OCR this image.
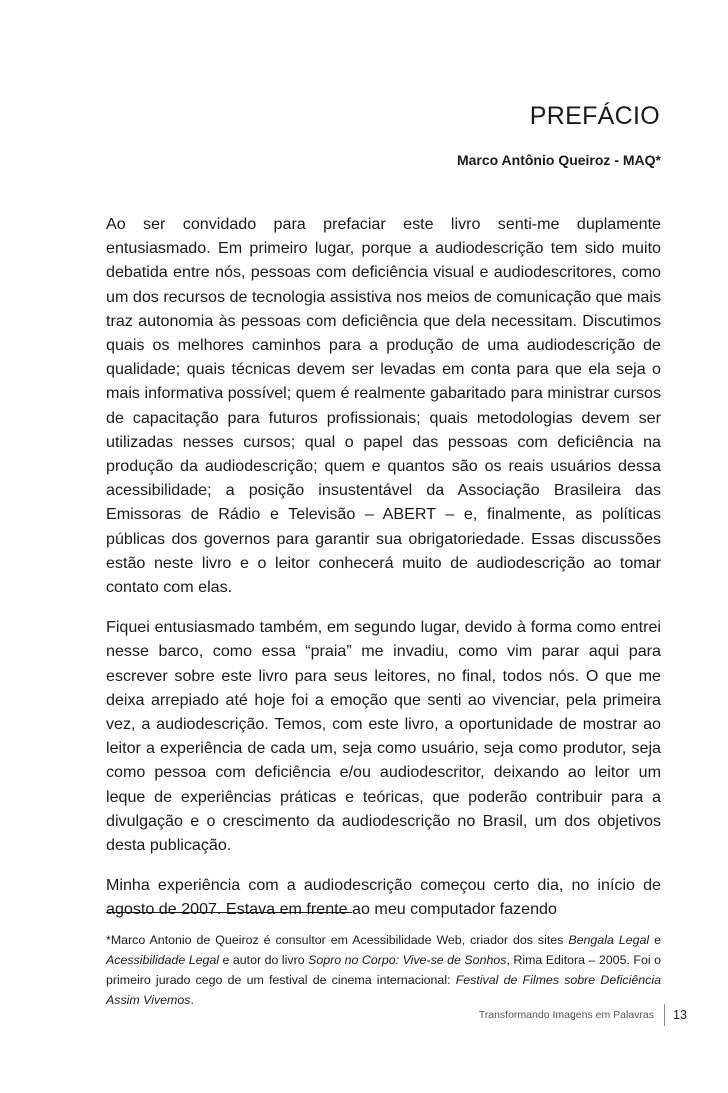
PREFÁCIO
Marco Antônio Queiroz - MAQ*

Ao ser convidado para prefaciar este livro senti-me duplamente entusiasmado. Em primeiro lugar, porque a audiodescrição tem sido muito debatida entre nós, pessoas com deficiência visual e audiodescritores, como um dos recursos de tecnologia assistiva nos meios de comunicação que mais traz autonomia às pessoas com deficiência que dela necessitam. Discutimos quais os melhores caminhos para a produção de uma audiodescrição de qualidade; quais técnicas devem ser levadas em conta para que ela seja o mais informativa possível; quem é realmente gabaritado para ministrar cursos de capacitação para futuros profissionais; quais metodologias devem ser utilizadas nesses cursos; qual o papel das pessoas com deficiência na produção da audiodescrição; quem e quantos são os reais usuários dessa acessibilidade; a posição insustentável da Associação Brasileira das Emissoras de Rádio e Televisão – ABERT – e, finalmente, as políticas públicas dos governos para garantir sua obrigatoriedade. Essas discussões estão neste livro e o leitor conhecerá muito de audiodescrição ao tomar contato com elas.

Fiquei entusiasmado também, em segundo lugar, devido à forma como entrei nesse barco, como essa “praia” me invadiu, como vim parar aqui para escrever sobre este livro para seus leitores, no final, todos nós. O que me deixa arrepiado até hoje foi a emoção que senti ao vivenciar, pela primeira vez, a audiodescrição. Temos, com este livro, a oportunidade de mostrar ao leitor a experiência de cada um, seja como usuário, seja como produtor, seja como pessoa com deficiência e/ou audiodescritor, deixando ao leitor um leque de experiências práticas e teóricas, que poderão contribuir para a divulgação e o crescimento da audiodescrição no Brasil, um dos objetivos desta publicação.

Minha experiência com a audiodescrição começou certo dia, no início de agosto de 2007. Estava em frente ao meu computador fazendo

*Marco Antonio de Queiroz é consultor em Acessibilidade Web, criador dos sites Bengala Legal e Acessibilidade Legal e autor do livro Sopro no Corpo: Vive-se de Sonhos, Rima Editora – 2005. Foi o primeiro jurado cego de um festival de cinema internacional: Festival de Filmes sobre Deficiência Assim Vivemos.
Transformando Imagens em Palavras 13
